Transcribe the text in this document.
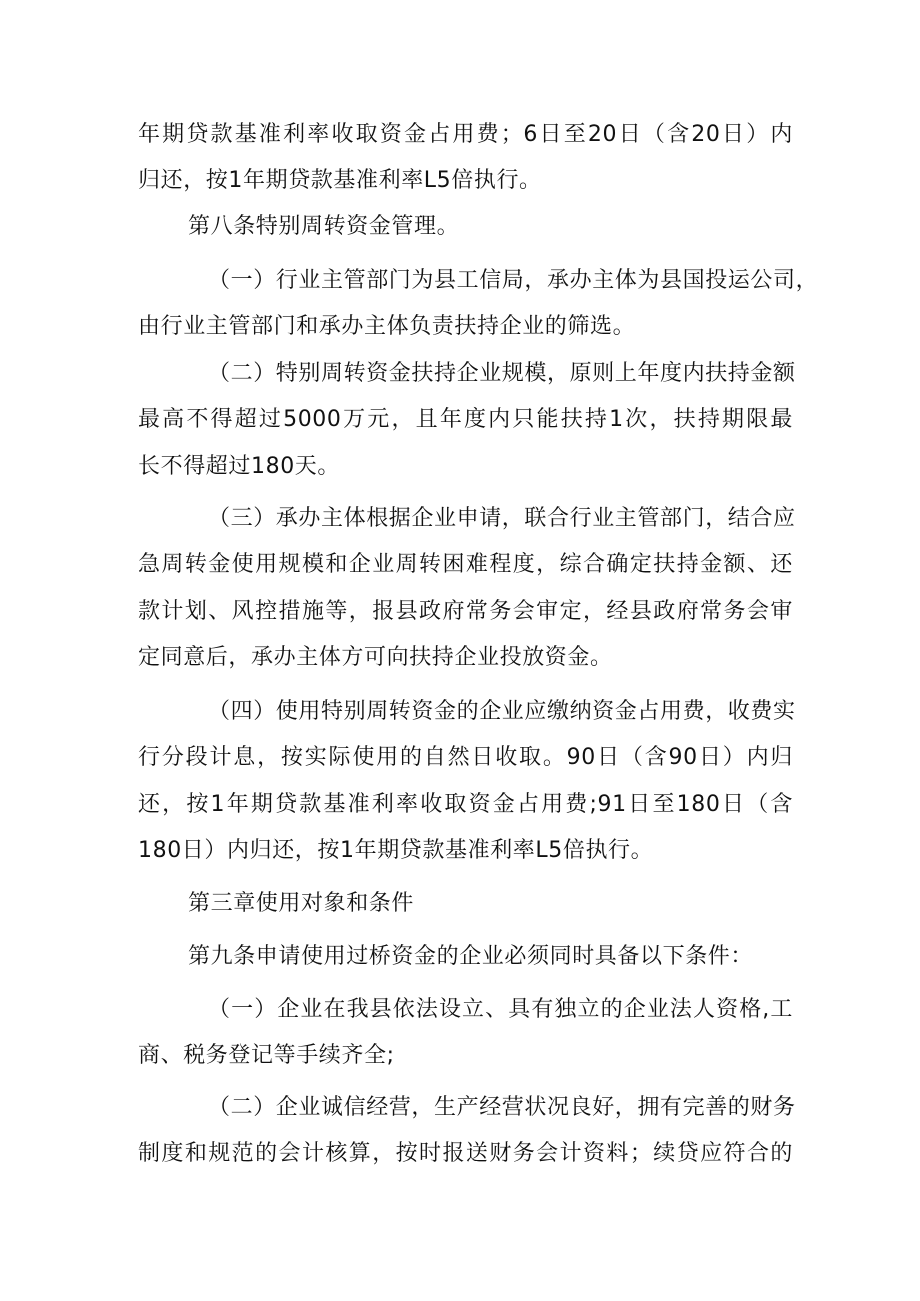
年期贷款基准利率收取资金占用费；6日至20日（含20日）内
归还，按1年期贷款基准利率L5倍执行。
第八条特别周转资金管理。
（一）行业主管部门为县工信局，承办主体为县国投运公司，
由行业主管部门和承办主体负责扶持企业的筛选。
（二）特别周转资金扶持企业规模，原则上年度内扶持金额
最高不得超过5000万元，且年度内只能扶持1次，扶持期限最
长不得超过180天。
（三）承办主体根据企业申请，联合行业主管部门，结合应
急周转金使用规模和企业周转困难程度，综合确定扶持金额、还
款计划、风控措施等，报县政府常务会审定，经县政府常务会审
定同意后，承办主体方可向扶持企业投放资金。
（四）使用特别周转资金的企业应缴纳资金占用费，收费实
行分段计息，按实际使用的自然日收取。90日（含90日）内归
还，按1年期贷款基准利率收取资金占用费;91日至180日（含
180日）内归还，按1年期贷款基准利率L5倍执行。
第三章使用对象和条件
第九条申请使用过桥资金的企业必须同时具备以下条件：
（一）企业在我县依法设立、具有独立的企业法人资格,工
商、税务登记等手续齐全;
（二）企业诚信经营，生产经营状况良好，拥有完善的财务
制度和规范的会计核算，按时报送财务会计资料；续贷应符合的
